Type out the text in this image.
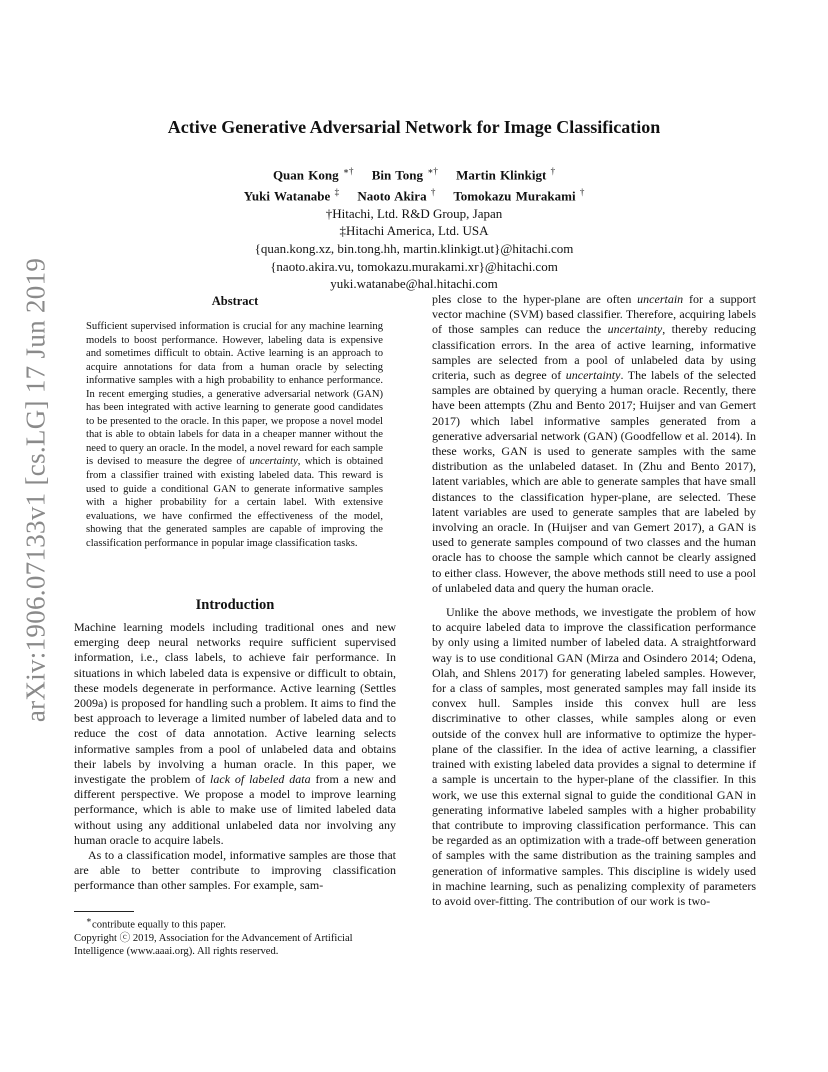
arXiv:1906.07133v1 [cs.LG] 17 Jun 2019
Active Generative Adversarial Network for Image Classification
Quan Kong ∗† Bin Tong ∗† Martin Klinkigt †
Yuki Watanabe ‡ Naoto Akira † Tomokazu Murakami †
†Hitachi, Ltd. R&D Group, Japan
‡Hitachi America, Ltd. USA
{quan.kong.xz, bin.tong.hh, martin.klinkigt.ut}@hitachi.com
{naoto.akira.vu, tomokazu.murakami.xr}@hitachi.com
yuki.watanabe@hal.hitachi.com
Abstract
Sufficient supervised information is crucial for any machine learning models to boost performance. However, labeling data is expensive and sometimes difficult to obtain. Active learning is an approach to acquire annotations for data from a human oracle by selecting informative samples with a high probability to enhance performance. In recent emerging studies, a generative adversarial network (GAN) has been integrated with active learning to generate good candidates to be presented to the oracle. In this paper, we propose a novel model that is able to obtain labels for data in a cheaper manner without the need to query an oracle. In the model, a novel reward for each sample is devised to measure the degree of uncertainty, which is obtained from a classifier trained with existing labeled data. This reward is used to guide a conditional GAN to generate informative samples with a higher probability for a certain label. With extensive evaluations, we have confirmed the effectiveness of the model, showing that the generated samples are capable of improving the classification performance in popular image classification tasks.
Introduction

Machine learning models including traditional ones and new emerging deep neural networks require sufficient supervised information, i.e., class labels, to achieve fair performance. In situations in which labeled data is expensive or difficult to obtain, these models degenerate in performance. Active learning (Settles 2009a) is proposed for handling such a problem. It aims to find the best approach to leverage a limited number of labeled data and to reduce the cost of data annotation. Active learning selects informative samples from a pool of unlabeled data and obtains their labels by involving a human oracle. In this paper, we investigate the problem of lack of labeled data from a new and different perspective. We propose a model to improve learning performance, which is able to make use of limited labeled data without using any additional unlabeled data nor involving any human oracle to acquire labels.

As to a classification model, informative samples are those that are able to better contribute to improving classification performance than other samples. For example, sam-

∗contribute equally to this paper.
Copyright ⓒ 2019, Association for the Advancement of Artificial Intelligence (www.aaai.org). All rights reserved.

ples close to the hyper-plane are often uncertain for a support vector machine (SVM) based classifier. Therefore, acquiring labels of those samples can reduce the uncertainty, thereby reducing classification errors. In the area of active learning, informative samples are selected from a pool of unlabeled data by using criteria, such as degree of uncertainty. The labels of the selected samples are obtained by querying a human oracle. Recently, there have been attempts (Zhu and Bento 2017; Huijser and van Gemert 2017) which label informative samples generated from a generative adversarial network (GAN) (Goodfellow et al. 2014). In these works, GAN is used to generate samples with the same distribution as the unlabeled dataset. In (Zhu and Bento 2017), latent variables, which are able to generate samples that have small distances to the classification hyper-plane, are selected. These latent variables are used to generate samples that are labeled by involving an oracle. In (Huijser and van Gemert 2017), a GAN is used to generate samples compound of two classes and the human oracle has to choose the sample which cannot be clearly assigned to either class. However, the above methods still need to use a pool of unlabeled data and query the human oracle.

Unlike the above methods, we investigate the problem of how to acquire labeled data to improve the classification performance by only using a limited number of labeled data. A straightforward way is to use conditional GAN (Mirza and Osindero 2014; Odena, Olah, and Shlens 2017) for generating labeled samples. However, for a class of samples, most generated samples may fall inside its convex hull. Samples inside this convex hull are less discriminative to other classes, while samples along or even outside of the convex hull are informative to optimize the hyper-plane of the classifier. In the idea of active learning, a classifier trained with existing labeled data provides a signal to determine if a sample is uncertain to the hyper-plane of the classifier. In this work, we use this external signal to guide the conditional GAN in generating informative labeled samples with a higher probability that contribute to improving classification performance. This can be regarded as an optimization with a trade-off between generation of samples with the same distribution as the training samples and generation of informative samples. This discipline is widely used in machine learning, such as penalizing complexity of parameters to avoid over-fitting. The contribution of our work is two-
